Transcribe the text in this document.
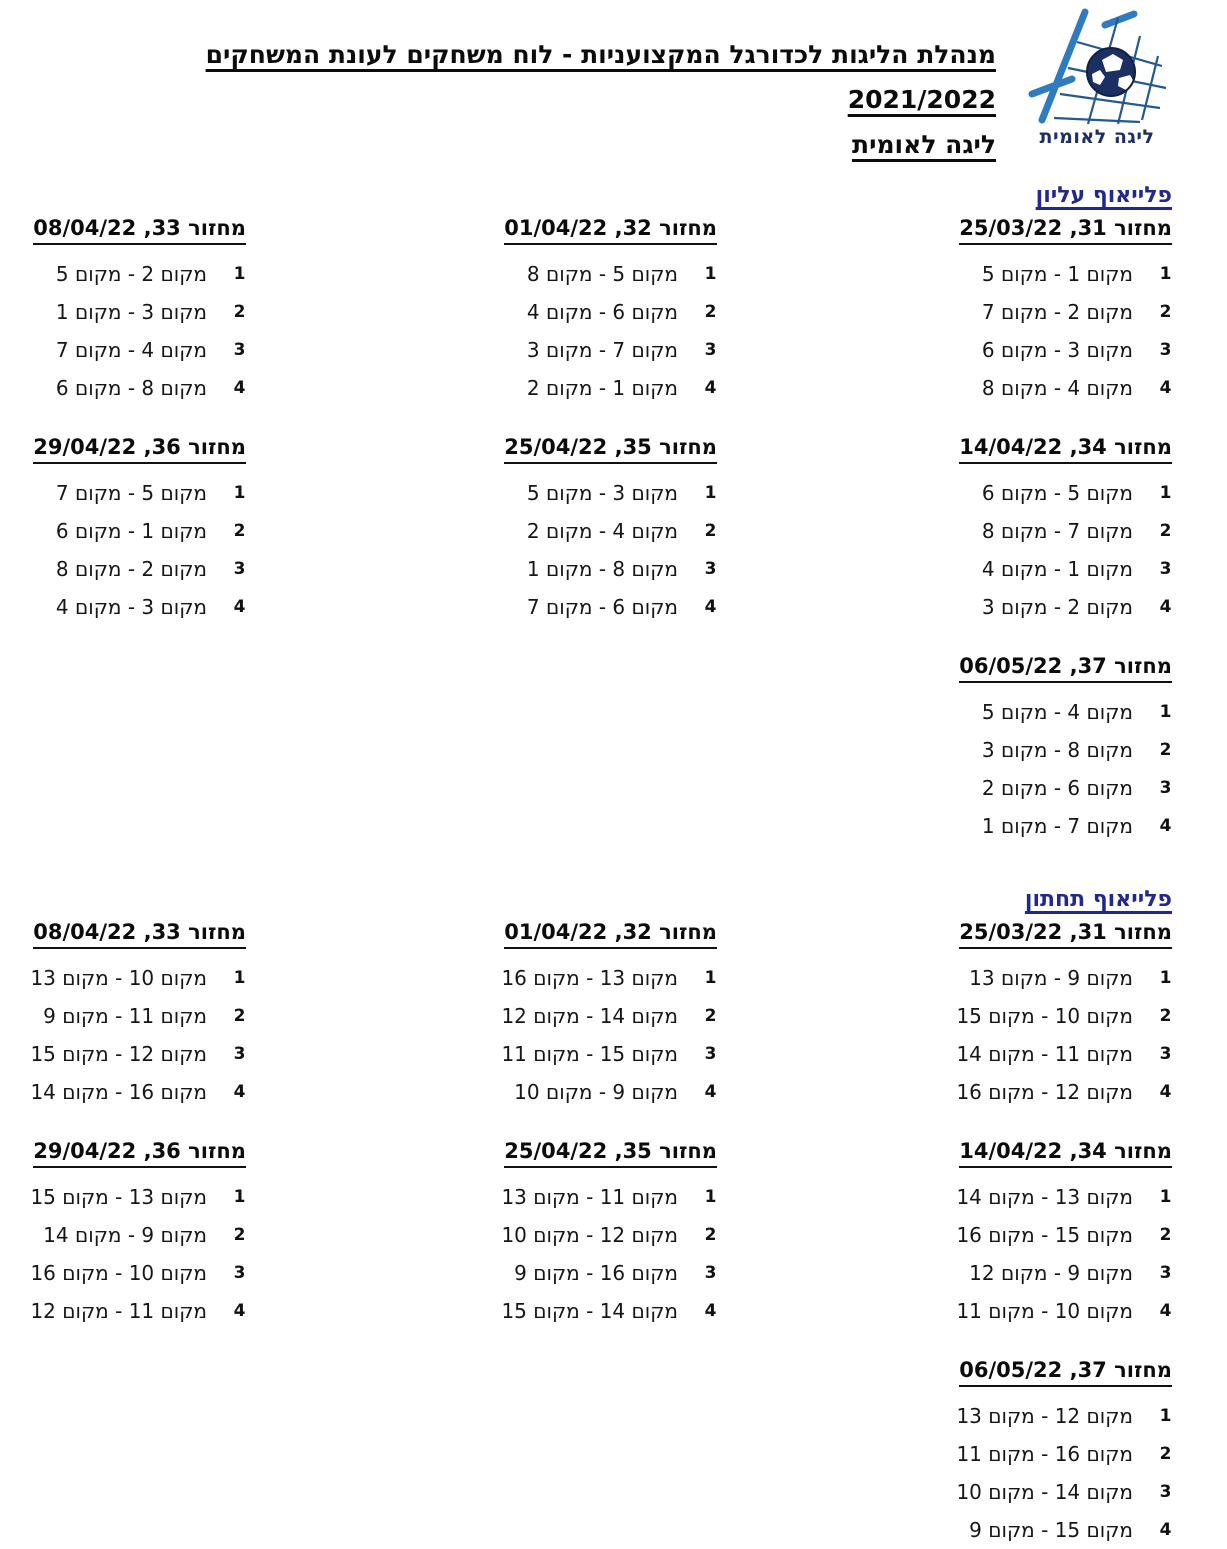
ליגה לאומית
מנהלת הליגות לכדורגל המקצועניות - לוח משחקים לעונת המשחקים 2021/2022
ליגה לאומית
פלייאוף עליון
מחזור 31, 25/03/22
1
מקום 1 - מקום 5
2
מקום 2 - מקום 7
3
מקום 3 - מקום 6
4
מקום 4 - מקום 8
מחזור 32, 01/04/22
1
מקום 5 - מקום 8
2
מקום 6 - מקום 4
3
מקום 7 - מקום 3
4
מקום 1 - מקום 2
מחזור 33, 08/04/22
1
מקום 2 - מקום 5
2
מקום 3 - מקום 1
3
מקום 4 - מקום 7
4
מקום 8 - מקום 6
מחזור 34, 14/04/22
1
מקום 5 - מקום 6
2
מקום 7 - מקום 8
3
מקום 1 - מקום 4
4
מקום 2 - מקום 3
מחזור 35, 25/04/22
1
מקום 3 - מקום 5
2
מקום 4 - מקום 2
3
מקום 8 - מקום 1
4
מקום 6 - מקום 7
מחזור 36, 29/04/22
1
מקום 5 - מקום 7
2
מקום 1 - מקום 6
3
מקום 2 - מקום 8
4
מקום 3 - מקום 4
מחזור 37, 06/05/22
1
מקום 4 - מקום 5
2
מקום 8 - מקום 3
3
מקום 6 - מקום 2
4
מקום 7 - מקום 1
פלייאוף תחתון
מחזור 31, 25/03/22
1
מקום 9 - מקום 13
2
מקום 10 - מקום 15
3
מקום 11 - מקום 14
4
מקום 12 - מקום 16
מחזור 32, 01/04/22
1
מקום 13 - מקום 16
2
מקום 14 - מקום 12
3
מקום 15 - מקום 11
4
מקום 9 - מקום 10
מחזור 33, 08/04/22
1
מקום 10 - מקום 13
2
מקום 11 - מקום 9
3
מקום 12 - מקום 15
4
מקום 16 - מקום 14
מחזור 34, 14/04/22
1
מקום 13 - מקום 14
2
מקום 15 - מקום 16
3
מקום 9 - מקום 12
4
מקום 10 - מקום 11
מחזור 35, 25/04/22
1
מקום 11 - מקום 13
2
מקום 12 - מקום 10
3
מקום 16 - מקום 9
4
מקום 14 - מקום 15
מחזור 36, 29/04/22
1
מקום 13 - מקום 15
2
מקום 9 - מקום 14
3
מקום 10 - מקום 16
4
מקום 11 - מקום 12
מחזור 37, 06/05/22
1
מקום 12 - מקום 13
2
מקום 16 - מקום 11
3
מקום 14 - מקום 10
4
מקום 15 - מקום 9
